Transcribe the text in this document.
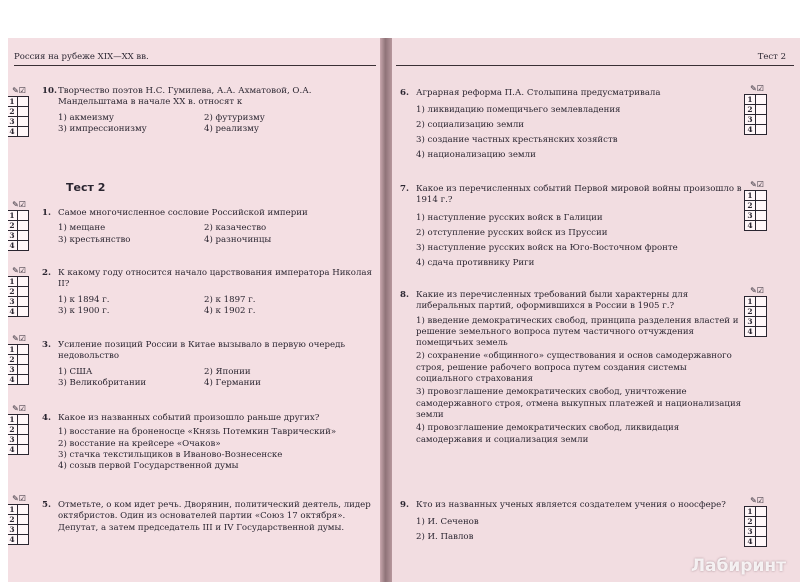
Россия на рубеже XIX—XX вв.
✎☑
1
2
3
4
10. Творчество поэтов Н.С. Гумилева, А.А. Ахматовой, О.А. Мандельштама в начале XX в. относят к
1) акмеизму	2) футуризму
3) импрессионизму	4) реализму
Тест 2
✎☑
1
2
3
4
1. Самое многочисленное сословие Российской империи
1) мещане	2) казачество
3) крестьянство	4) разночинцы
✎☑
1
2
3
4
2. К какому году относится начало царствования императора Николая II?
1) к 1894 г.	2) к 1897 г.
3) к 1900 г.	4) к 1902 г.
✎☑
1
2
3
4
3. Усиление позиций России в Китае вызывало в первую очередь недовольство
1) США	2) Японии
3) Великобритании	4) Германии
✎☑
1
2
3
4
4. Какое из названных событий произошло раньше других?
1) восстание на броненосце «Князь Потемкин Таврический»
2) восстание на крейсере «Очаков»
3) стачка текстильщиков в Иваново-Вознесенске
4) созыв первой Государственной думы
✎☑
1
2
3
4
5. Отметьте, о ком идет речь. Дворянин, политический деятель, лидер октябристов. Один из основателей партии «Союз 17 октября». Депутат, а затем председатель III и IV Государственной думы.
Тест 2
6. Аграрная реформа П.А. Столыпина предусматривала
1) ликвидацию помещичьего землевладения
2) социализацию земли
3) создание частных крестьянских хозяйств
4) национализацию земли
✎☑
1
2
3
4
7. Какое из перечисленных событий Первой мировой войны произошло в 1914 г.?
1) наступление русских войск в Галиции
2) отступление русских войск из Пруссии
3) наступление русских войск на Юго-Восточном фронте
4) сдача противнику Риги
✎☑
1
2
3
4
8. Какие из перечисленных требований были характерны для либеральных партий, оформившихся в России в 1905 г.?
1) введение демократических свобод, принципа разделения властей и решение земельного вопроса путем частичного отчуждения помещичьих земель
2) сохранение «общинного» существования и основ самодержавного строя, решение рабочего вопроса путем создания системы социального страхования
3) провозглашение демократических свобод, уничтожение самодержавного строя, отмена выкупных платежей и национализация земли
4) провозглашение демократических свобод, ликвидация самодержавия и социализация земли
✎☑
1
2
3
4
9. Кто из названных ученых является создателем учения о ноосфере?
1) И. Сеченов
2) И. Павлов
✎☑
1
2
3
4
Лабиринт
